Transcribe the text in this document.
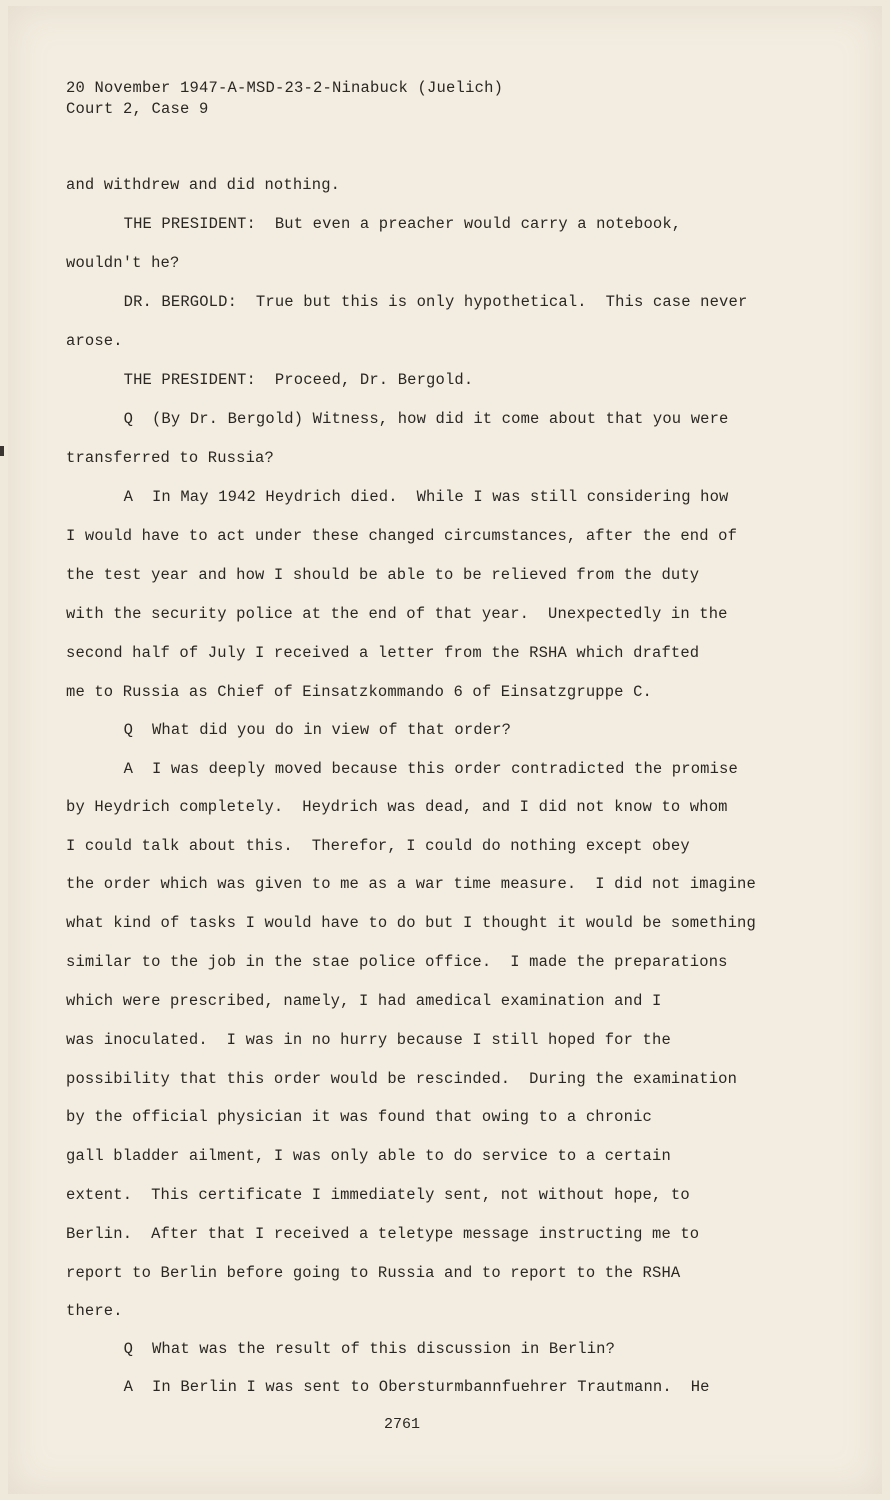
20 November 1947-A-MSD-23-2-Ninabuck (Juelich)
Court 2, Case 9
and withdrew and did nothing.
THE PRESIDENT:  But even a preacher would carry a notebook,
wouldn't he?
DR. BERGOLD:  True but this is only hypothetical.  This case never
arose.
THE PRESIDENT:  Proceed, Dr. Bergold.
Q  (By Dr. Bergold) Witness, how did it come about that you were
transferred to Russia?
A  In May 1942 Heydrich died.  While I was still considering how
I would have to act under these changed circumstances, after the end of
the test year and how I should be able to be relieved from the duty
with the security police at the end of that year.  Unexpectedly in the
second half of July I received a letter from the RSHA which drafted
me to Russia as Chief of Einsatzkommando 6 of Einsatzgruppe C.
Q  What did you do in view of that order?
A  I was deeply moved because this order contradicted the promise
by Heydrich completely.  Heydrich was dead, and I did not know to whom
I could talk about this.  Therefor, I could do nothing except obey
the order which was given to me as a war time measure.  I did not imagine
what kind of tasks I would have to do but I thought it would be something
similar to the job in the stae police office.  I made the preparations
which were prescribed, namely, I had amedical examination and I
was inoculated.  I was in no hurry because I still hoped for the
possibility that this order would be rescinded.  During the examination
by the official physician it was found that owing to a chronic
gall bladder ailment, I was only able to do service to a certain
extent.  This certificate I immediately sent, not without hope, to
Berlin.  After that I received a teletype message instructing me to
report to Berlin before going to Russia and to report to the RSHA
there.
Q  What was the result of this discussion in Berlin?
A  In Berlin I was sent to Obersturmbannfuehrer Trautmann.  He
2761
